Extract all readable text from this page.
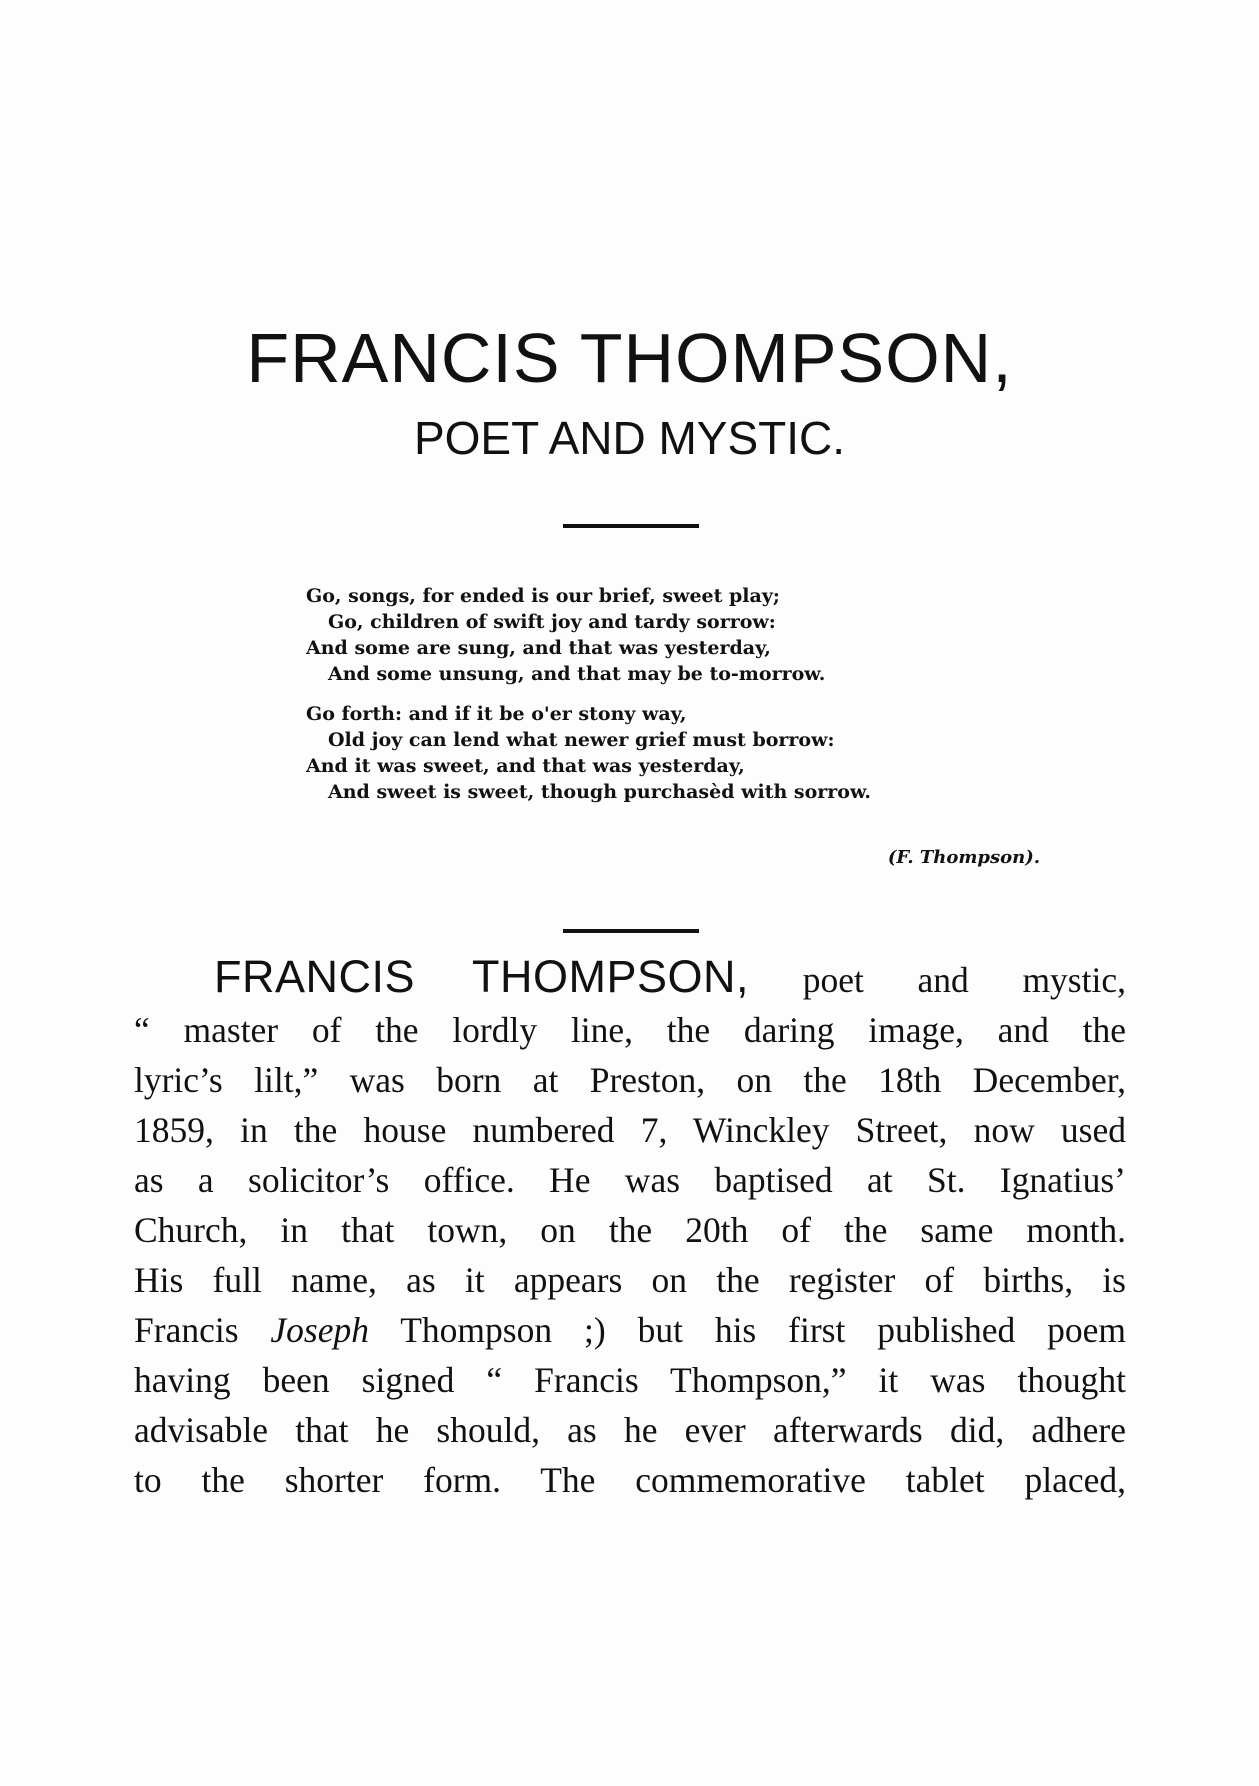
FRANCIS THOMPSON,
POET AND MYSTIC.
Go, songs, for ended is our brief, sweet play;
Go, children of swift joy and tardy sorrow:
And some are sung, and that was yesterday,
And some unsung, and that may be to-morrow.
Go forth: and if it be o'er stony way,
Old joy can lend what newer grief must borrow:
And it was sweet, and that was yesterday,
And sweet is sweet, though purchasèd with sorrow.
(F. Thompson).
FRANCIS THOMPSON, poet and mystic,
“ master of the lordly line, the daring image, and the
lyric’s lilt,” was born at Preston, on the 18th December,
1859, in the house numbered 7, Winckley Street, now used
as a solicitor’s office. He was baptised at St. Ignatius’
Church, in that town, on the 20th of the same month.
His full name, as it appears on the register of births, is
Francis Joseph Thompson ;) but his first published poem
having been signed “ Francis Thompson,” it was thought
advisable that he should, as he ever afterwards did, adhere
to the shorter form. The commemorative tablet placed,
